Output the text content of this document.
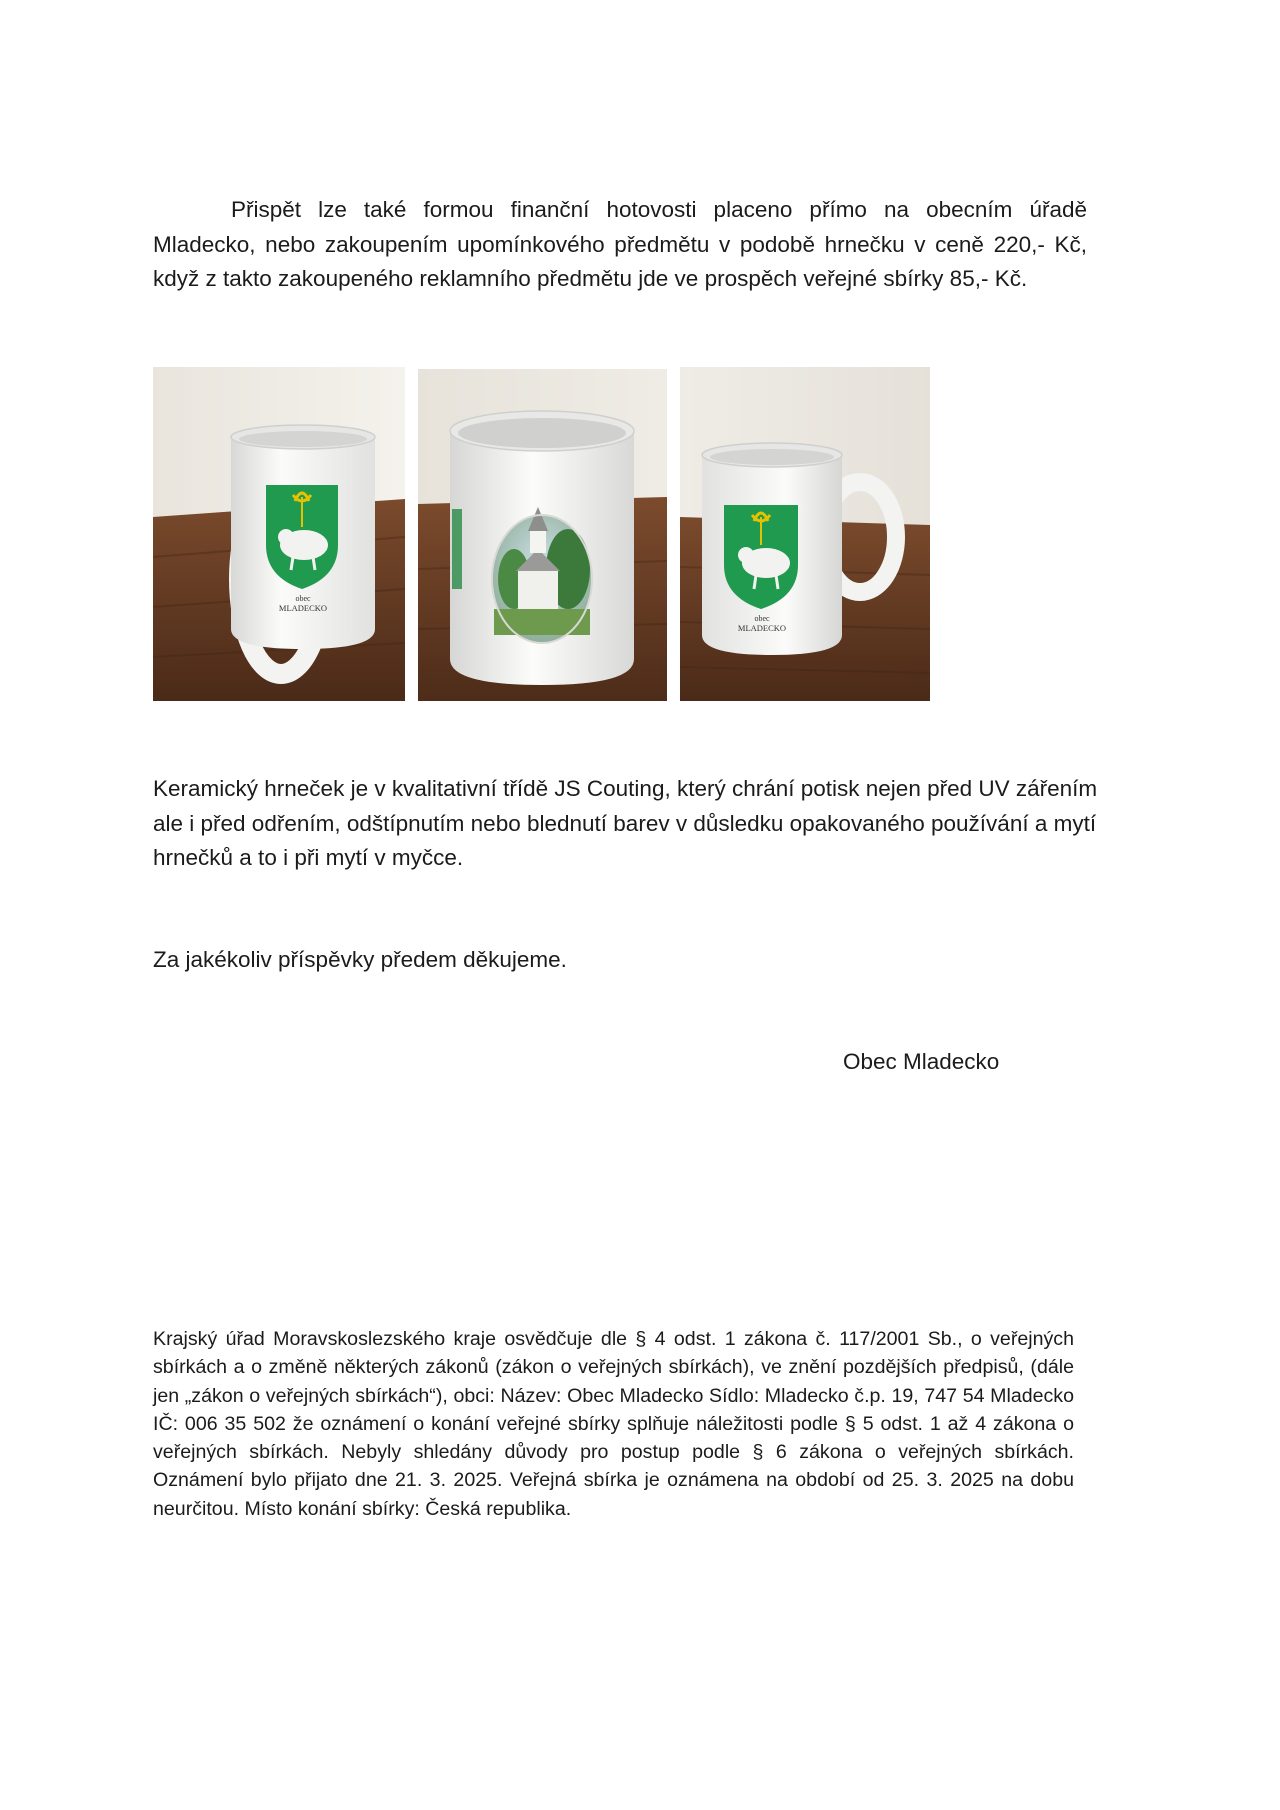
Přispět lze také formou finanční hotovosti placeno přímo na obecním úřadě Mladecko, nebo zakoupením upomínkového předmětu v podobě hrnečku v ceně 220,- Kč, když z takto zakoupeného reklamního předmětu jde ve prospěch veřejné sbírky 85,- Kč.

obec
MLADECKO
obec
MLADECKO

Keramický hrneček je v kvalitativní třídě JS Couting, který chrání potisk nejen před UV zářením ale i před odřením, odštípnutím nebo blednutí barev v důsledku opakovaného používání a mytí hrnečků a to i při mytí v myčce.

Za jakékoliv příspěvky předem děkujeme.

Obec Mladecko

Krajský úřad Moravskoslezského kraje osvědčuje dle § 4 odst. 1 zákona č. 117/2001 Sb., o veřejných sbírkách a o změně některých zákonů (zákon o veřejných sbírkách), ve znění pozdějších předpisů, (dále jen „zákon o veřejných sbírkách“), obci: Název: Obec Mladecko Sídlo: Mladecko č.p. 19, 747 54 Mladecko IČ: 006 35 502 že oznámení o konání veřejné sbírky splňuje náležitosti podle § 5 odst. 1 až 4 zákona o veřejných sbírkách. Nebyly shledány důvody pro postup podle § 6 zákona o veřejných sbírkách. Oznámení bylo přijato dne 21. 3. 2025. Veřejná sbírka je oznámena na období od 25. 3. 2025 na dobu neurčitou. Místo konání sbírky: Česká republika.
